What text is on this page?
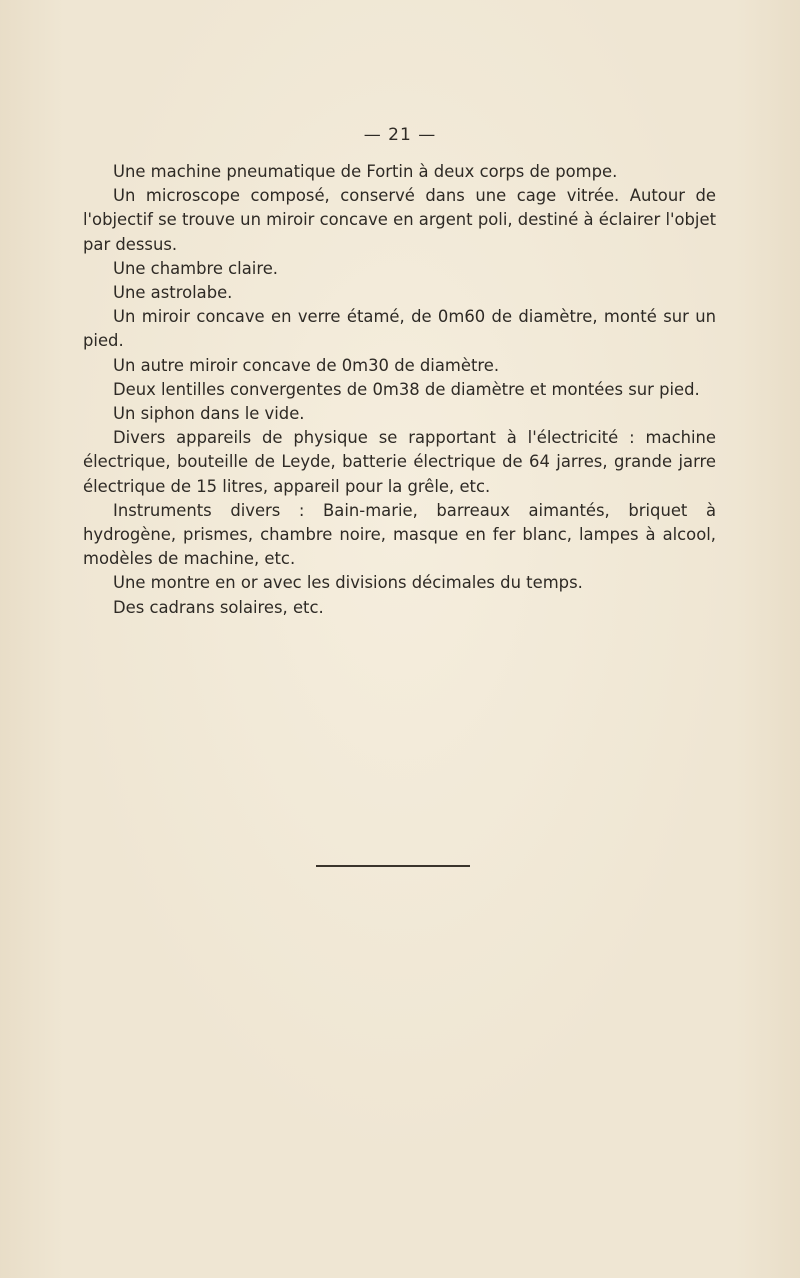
— 21 —

Une machine pneumatique de Fortin à deux corps de pompe.

Un microscope composé, conservé dans une cage vitrée. Autour de l'objectif se trouve un miroir concave en argent poli, destiné à éclairer l'objet par dessus.

Une chambre claire.

Une astrolabe.

Un miroir concave en verre étamé, de 0m60 de diamètre, monté sur un pied.

Un autre miroir concave de 0m30 de diamètre.

Deux lentilles convergentes de 0m38 de diamètre et montées sur pied.

Un siphon dans le vide.

Divers appareils de physique se rapportant à l'électricité : machine électrique, bouteille de Leyde, batterie électrique de 64 jarres, grande jarre électrique de 15 litres, appareil pour la grêle, etc.

Instruments divers : Bain-marie, barreaux aimantés, briquet à hydrogène, prismes, chambre noire, masque en fer blanc, lampes à alcool, modèles de machine, etc.

Une montre en or avec les divisions décimales du temps.

Des cadrans solaires, etc.
